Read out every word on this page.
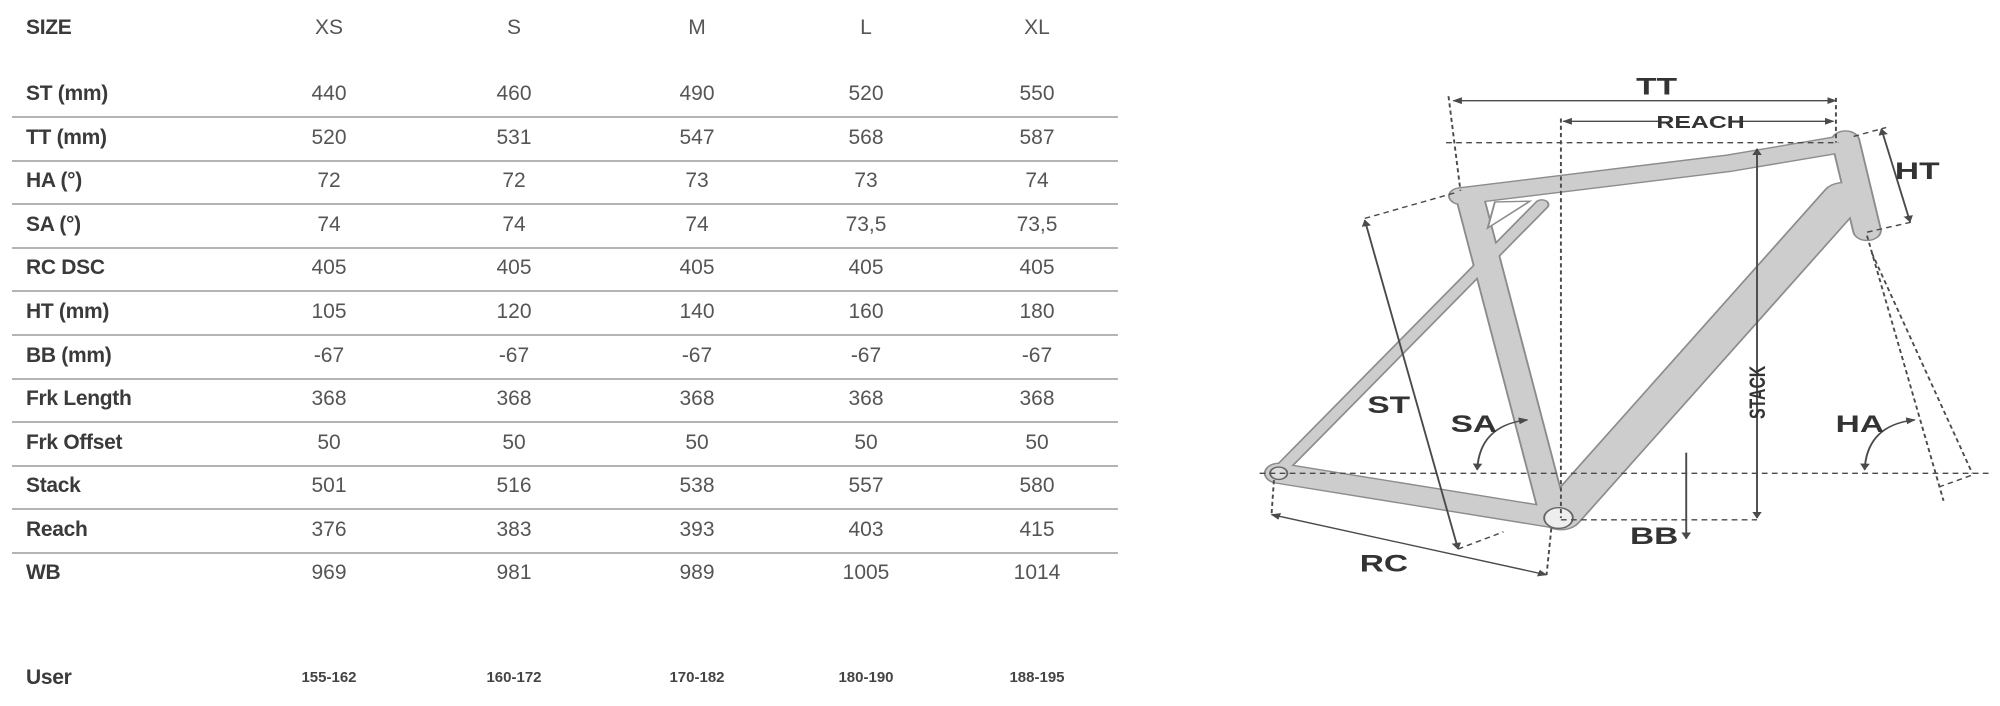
SIZE	XS	S	M	L	XL
ST (mm)	440	460	490	520	550
TT (mm)	520	531	547	568	587
HA (°)	72	72	73	73	74
SA (°)	74	74	74	73,5	73,5
RC DSC	405	405	405	405	405
HT (mm)	105	120	140	160	180
BB (mm)	-67	-67	-67	-67	-67
Frk Length	368	368	368	368	368
Frk Offset	50	50	50	50	50
Stack	501	516	538	557	580
Reach	376	383	393	403	415
WB	969	981	989	1005	1014
User	155-162	160-172	170-182	180-190	188-195
TT
REACH
HT
ST
SA
STACK
HA
BB
RC
